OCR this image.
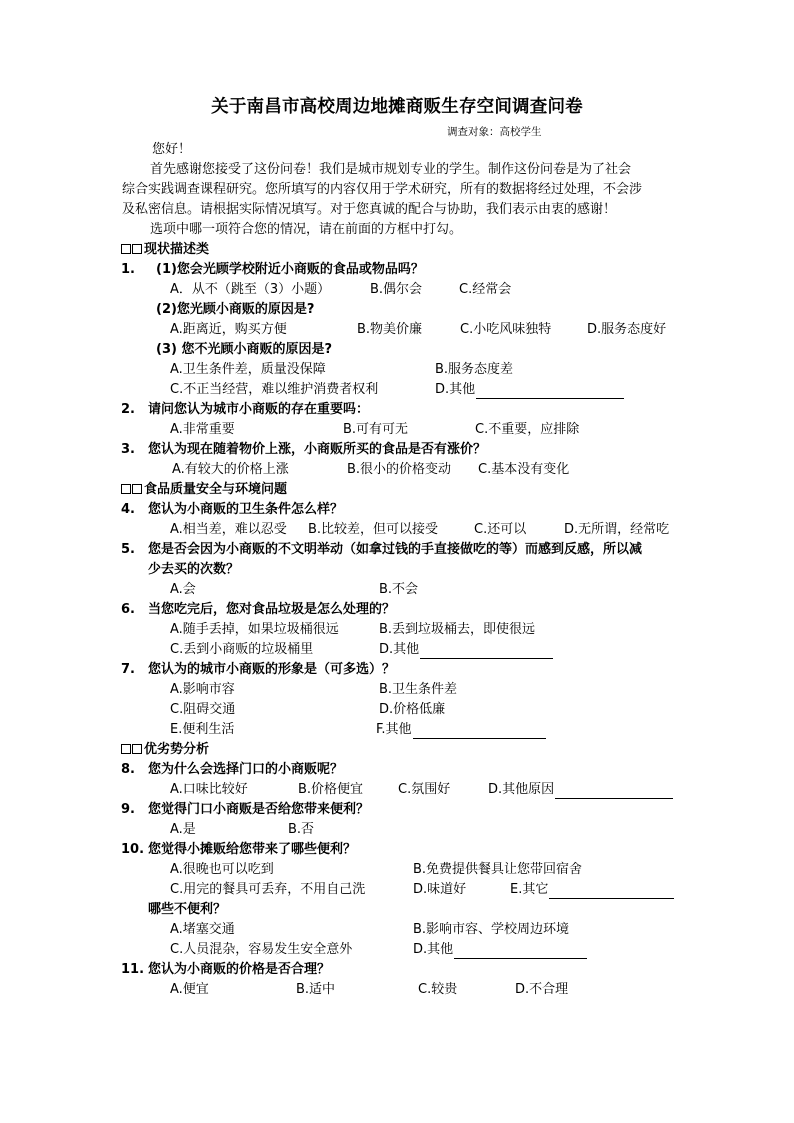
关于南昌市高校周边地摊商贩生存空间调查问卷
调查对象：高校学生
您好！
首先感谢您接受了这份问卷！我们是城市规划专业的学生。制作这份问卷是为了社会
综合实践调查课程研究。您所填写的内容仅用于学术研究，所有的数据将经过处理，不会涉
及私密信息。请根据实际情况填写。对于您真诚的配合与协助，我们表示由衷的感谢！
选项中哪一项符合您的情况，请在前面的方框中打勾。
现状描述类
1. (1)您会光顾学校附近小商贩的食品或物品吗？
A．从不（跳至（3）小题）	B.偶尔会	C.经常会
(2)您光顾小商贩的原因是?
A.距离近，购买方便	B.物美价廉	C.小吃风味独特	D.服务态度好
(3) 您不光顾小商贩的原因是?
A.卫生条件差，质量没保障	B.服务态度差
C.不正当经营，难以维护消费者权利	D.其他
2. 请问您认为城市小商贩的存在重要吗：
A.非常重要	B.可有可无	C.不重要，应排除
3. 您认为现在随着物价上涨，小商贩所买的食品是否有涨价？
A.有较大的价格上涨	B.很小的价格变动 C.基本没有变化
食品质量安全与环境问题
4. 您认为小商贩的卫生条件怎么样？
A.相当差，难以忍受 B.比较差，但可以接受	C.还可以	D.无所谓，经常吃
5. 您是否会因为小商贩的不文明举动（如拿过钱的手直接做吃的等）而感到反感，所以减
少去买的次数？
A.会	B.不会
6. 当您吃完后，您对食品垃圾是怎么处理的？
A.随手丢掉，如果垃圾桶很远	B.丢到垃圾桶去，即使很远
C.丢到小商贩的垃圾桶里	D.其他
7. 您认为的城市小商贩的形象是（可多选）？
A.影响市容	B.卫生条件差
C.阻碍交通	D.价格低廉
E.便利生活	F.其他
优劣势分析
8. 您为什么会选择门口的小商贩呢？
A.口味比较好	B.价格便宜	C.氛围好	D.其他原因
9. 您觉得门口小商贩是否给您带来便利？
A.是	B.否
10. 您觉得小摊贩给您带来了哪些便利？
A.很晚也可以吃到	B.免费提供餐具让您带回宿舍
C.用完的餐具可丢弃，不用自己洗	D.味道好	E.其它
哪些不便利？
A.堵塞交通	B.影响市容、学校周边环境
C.人员混杂，容易发生安全意外	D.其他
11. 您认为小商贩的价格是否合理？
A.便宜	B.适中	C.较贵	D.不合理
